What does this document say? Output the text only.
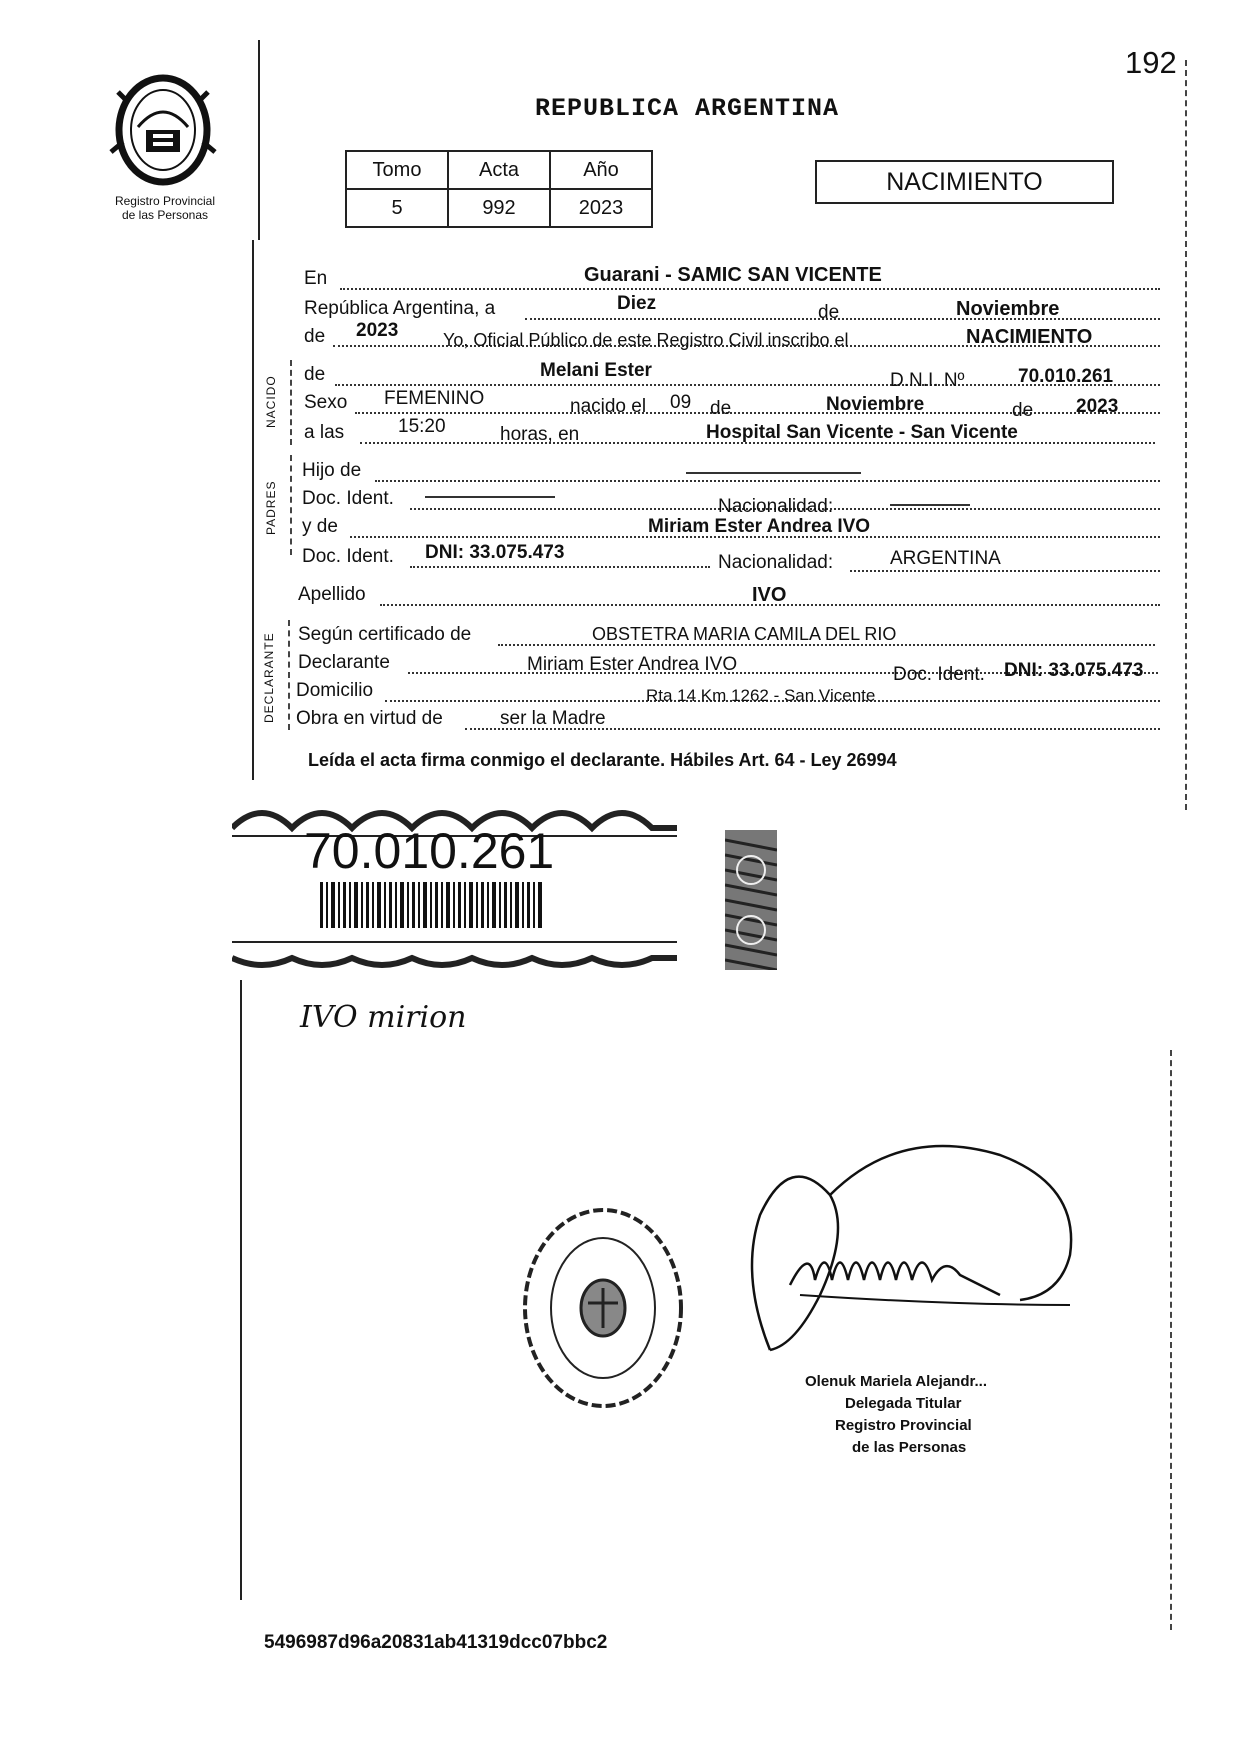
192
Registro Provincial
de las Personas
REPUBLICA ARGENTINA
Tomo	Acta	Año
5	992	2023
NACIMIENTO
NACIDO
PADRES
DECLARANTE
En	Guarani - SAMIC SAN VICENTE
República Argentina, a	Diez	de	Noviembre
de 2023 Yo, Oficial Público de este Registro Civil inscribo el	NACIMIENTO
de	Melani Ester	D.N.I. Nº	70.010.261
Sexo FEMENINO	nacido el 09 de	Noviembre	de 2023
a las	15:20	horas, en	Hospital San Vicente - San Vicente
Hijo de
Doc. Ident.	Nacionalidad:
y de	Miriam Ester Andrea IVO
Doc. Ident. DNI: 33.075.473	Nacionalidad:	ARGENTINA
Apellido	IVO
Según certificado de	OBSTETRA MARIA CAMILA DEL RIO
Declarante	Miriam Ester Andrea IVO	Doc. Ident. DNI: 33.075.473
Domicilio	Rta 14 Km 1262 - San Vicente
Obra en virtud de	ser la Madre
Leída el acta firma conmigo el declarante. Hábiles Art. 64 - Ley 26994
70.010.261
IVO mirion
Olenuk Mariela Alejandr...
Delegada Titular
Registro Provincial
de las Personas
5496987d96a20831ab41319dcc07bbc2
